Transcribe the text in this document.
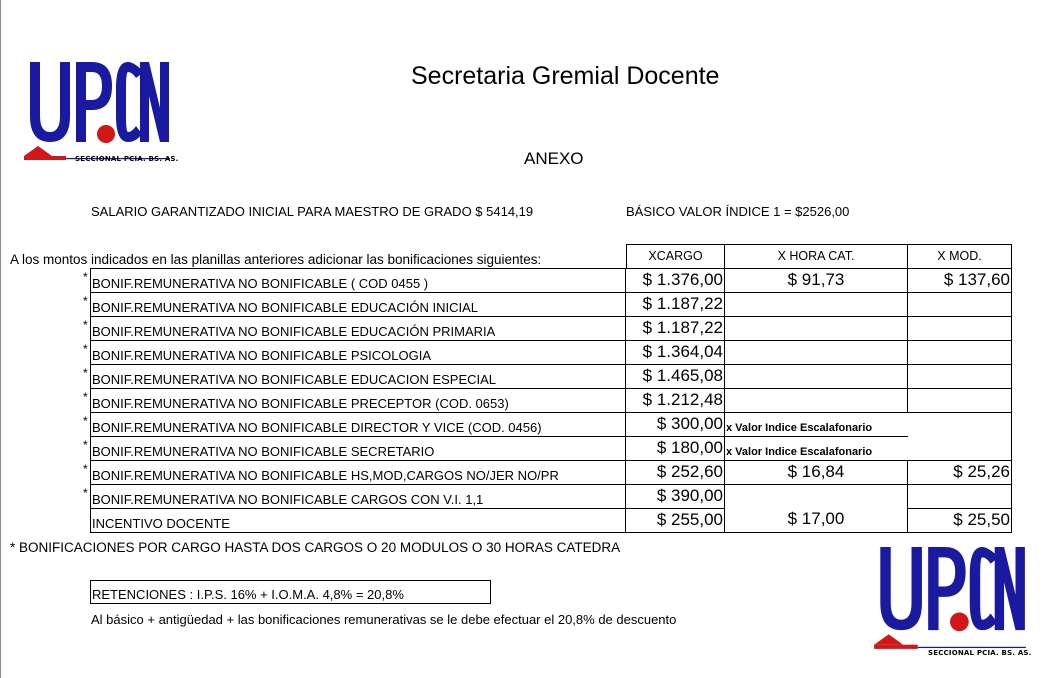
SECCIONAL PCIA. BS. AS.
Secretaria Gremial Docente
ANEXO
SALARIO GARANTIZADO INICIAL PARA MAESTRO DE GRADO $ 5414,19	BÁSICO VALOR ÍNDICE 1 = $2526,00
A los montos indicados en las planillas anteriores adicionar las bonificaciones siguientes:	XCARGO	X HORA CAT.	X MOD.
* BONIF.REMUNERATIVA NO BONIFICABLE ( COD 0455 )	$ 1.376,00	$ 91,73	$ 137,60
* BONIF.REMUNERATIVA NO BONIFICABLE EDUCACIÓN INICIAL	$ 1.187,22
* BONIF.REMUNERATIVA NO BONIFICABLE EDUCACIÓN PRIMARIA	$ 1.187,22
* BONIF.REMUNERATIVA NO BONIFICABLE PSICOLOGIA	$ 1.364,04
* BONIF.REMUNERATIVA NO BONIFICABLE EDUCACION ESPECIAL	$ 1.465,08
* BONIF.REMUNERATIVA NO BONIFICABLE PRECEPTOR (COD. 0653)	$ 1.212,48
* BONIF.REMUNERATIVA NO BONIFICABLE DIRECTOR Y VICE (COD. 0456)	$ 300,00 x Valor Indice Escalafonario
* BONIF.REMUNERATIVA NO BONIFICABLE SECRETARIO	$ 180,00 x Valor Indice Escalafonario
* BONIF.REMUNERATIVA NO BONIFICABLE HS,MOD,CARGOS NO/JER NO/PR	$ 252,60	$ 16,84	$ 25,26
* BONIF.REMUNERATIVA NO BONIFICABLE CARGOS CON V.I. 1,1	$ 390,00
INCENTIVO DOCENTE	$ 255,00	$ 17,00	$ 25,50
* BONIFICACIONES POR CARGO HASTA DOS CARGOS O 20 MODULOS O 30 HORAS CATEDRA
RETENCIONES : I.P.S. 16% + I.O.M.A. 4,8% = 20,8%
Al básico + antigüedad + las bonificaciones remunerativas se le debe efectuar el 20,8% de descuento
SECCIONAL PCIA. BS. AS.
